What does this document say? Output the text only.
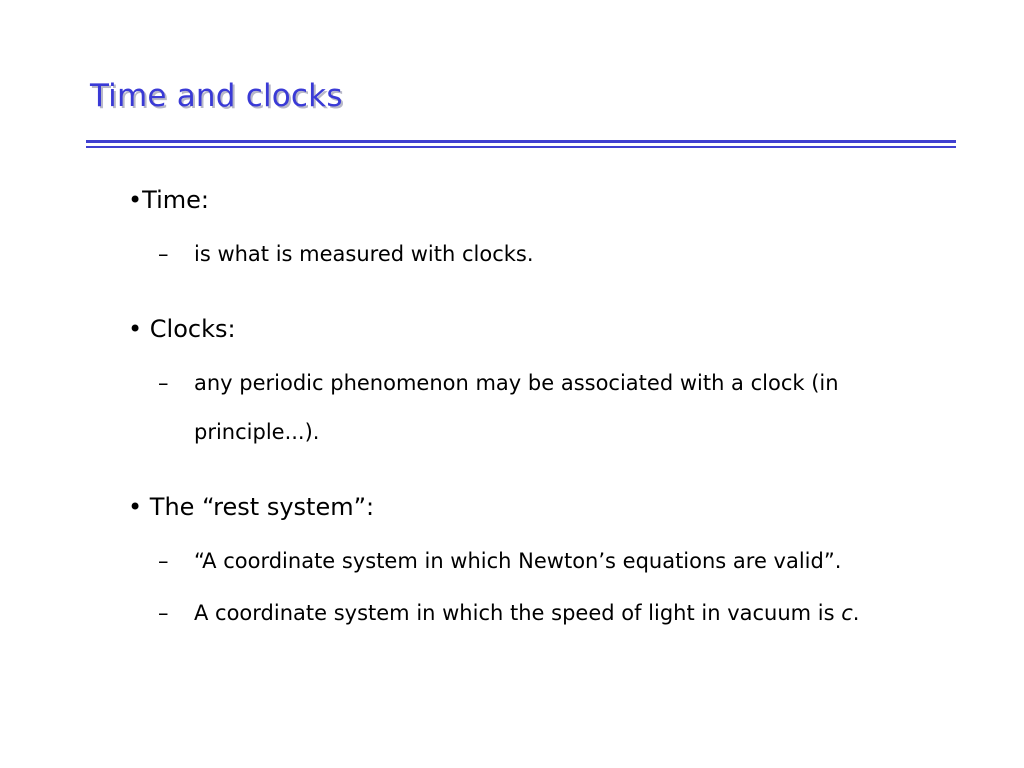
Time and clocks
•Time:
– is what is measured with clocks.
• Clocks:
– any periodic phenomenon may be associated with a clock (in
principle...).
• The “rest system”:
– “A coordinate system in which Newton’s equations are valid”.
– A coordinate system in which the speed of light in vacuum is c.
